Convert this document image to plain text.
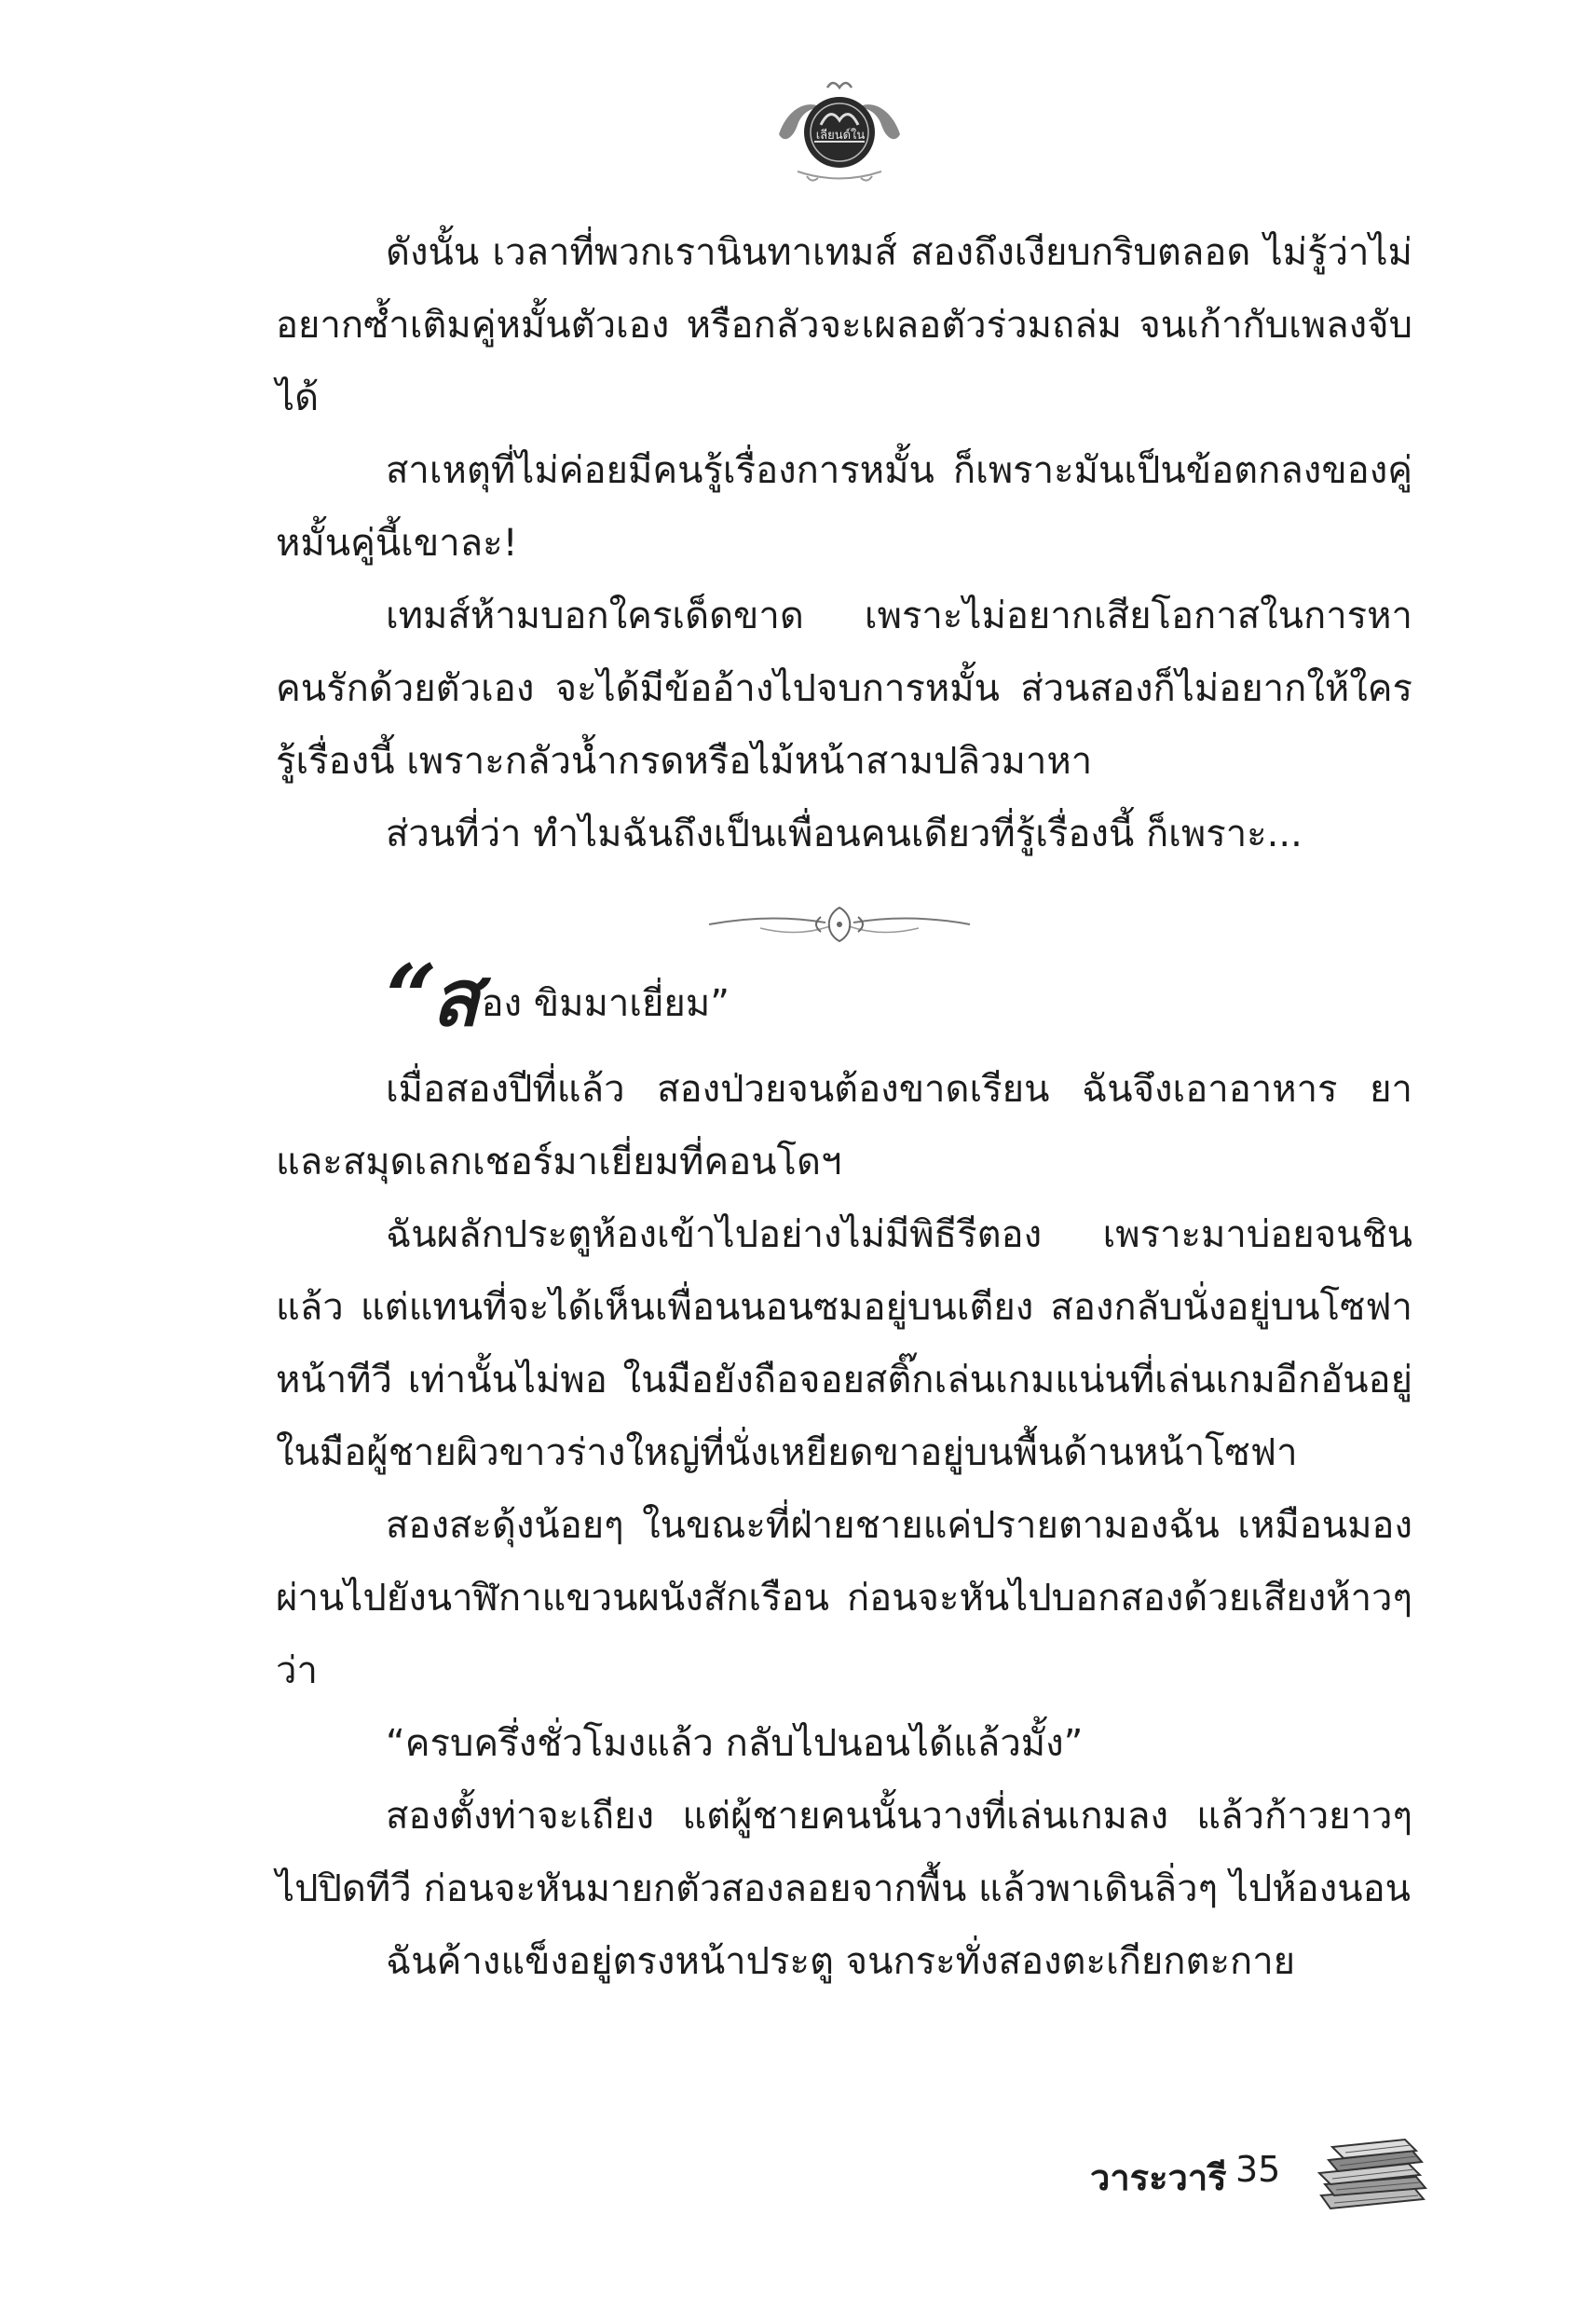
เลียนด์ใน

ดังนั้น เวลาที่พวกเรานินทาเทมส์ สองถึงเงียบกริบตลอด ไม่รู้ว่าไม่อยากซ้ำเติมคู่หมั้นตัวเอง หรือกลัวจะเผลอตัวร่วมถล่ม จนเก้ากับเพลงจับได้

สาเหตุที่ไม่ค่อยมีคนรู้เรื่องการหมั้น ก็เพราะมันเป็นข้อตกลงของคู่หมั้นคู่นี้เขาละ!

เทมส์ห้ามบอกใครเด็ดขาด เพราะไม่อยากเสียโอกาสในการหาคนรักด้วยตัวเอง จะได้มีข้ออ้างไปจบการหมั้น ส่วนสองก็ไม่อยากให้ใครรู้เรื่องนี้ เพราะกลัวน้ำกรดหรือไม้หน้าสามปลิวมาหา

ส่วนที่ว่า ทำไมฉันถึงเป็นเพื่อนคนเดียวที่รู้เรื่องนี้ ก็เพราะ...

“สอง ขิมมาเยี่ยม”

เมื่อสองปีที่แล้ว สองป่วยจนต้องขาดเรียน ฉันจึงเอาอาหาร ยาและสมุดเลกเชอร์มาเยี่ยมที่คอนโดฯ

ฉันผลักประตูห้องเข้าไปอย่างไม่มีพิธีรีตอง เพราะมาบ่อยจนชินแล้ว แต่แทนที่จะได้เห็นเพื่อนนอนซมอยู่บนเตียง สองกลับนั่งอยู่บนโซฟาหน้าทีวี เท่านั้นไม่พอ ในมือยังถือจอยสติ๊กเล่นเกมแน่นที่เล่นเกมอีกอันอยู่ในมือผู้ชายผิวขาวร่างใหญ่ที่นั่งเหยียดขาอยู่บนพื้นด้านหน้าโซฟา

สองสะดุ้งน้อยๆ ในขณะที่ฝ่ายชายแค่ปรายตามองฉัน เหมือนมองผ่านไปยังนาฬิกาแขวนผนังสักเรือน ก่อนจะหันไปบอกสองด้วยเสียงห้าวๆ ว่า

“ครบครึ่งชั่วโมงแล้ว กลับไปนอนได้แล้วมั้ง”

สองตั้งท่าจะเถียง แต่ผู้ชายคนนั้นวางที่เล่นเกมลง แล้วก้าวยาวๆ ไปปิดทีวี ก่อนจะหันมายกตัวสองลอยจากพื้น แล้วพาเดินลิ่วๆ ไปห้องนอน

ฉันค้างแข็งอยู่ตรงหน้าประตู จนกระทั่งสองตะเกียกตะกาย

วาระวารี 35
